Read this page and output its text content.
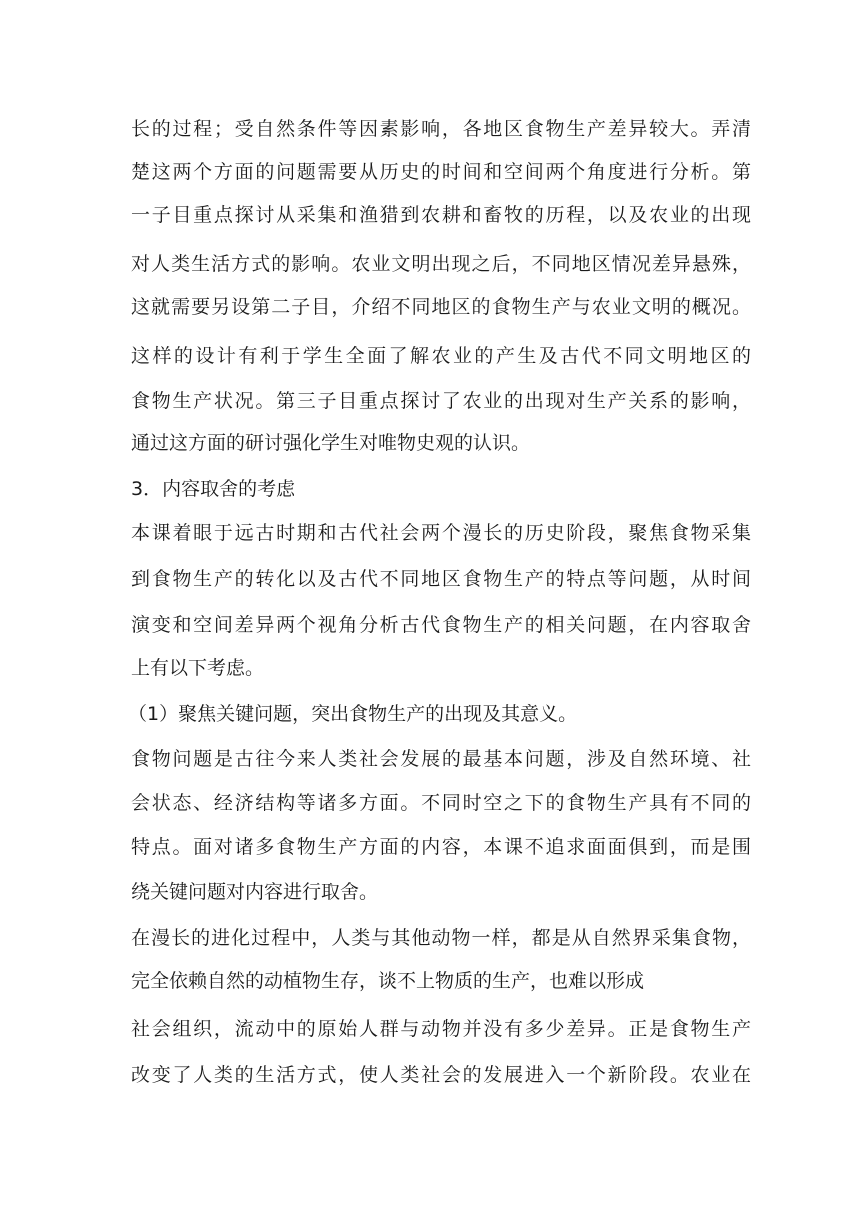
长的过程；受自然条件等因素影响，各地区食物生产差异较大。弄清
楚这两个方面的问题需要从历史的时间和空间两个角度进行分析。第
一子目重点探讨从采集和渔猎到农耕和畜牧的历程，以及农业的出现
对人类生活方式的影响。农业文明出现之后，不同地区情况差异悬殊，
这就需要另设第二子目，介绍不同地区的食物生产与农业文明的概况。
这样的设计有利于学生全面了解农业的产生及古代不同文明地区的
食物生产状况。第三子目重点探讨了农业的出现对生产关系的影响，
通过这方面的研讨强化学生对唯物史观的认识。
3．内容取舍的考虑
本课着眼于远古时期和古代社会两个漫长的历史阶段，聚焦食物采集
到食物生产的转化以及古代不同地区食物生产的特点等问题，从时间
演变和空间差异两个视角分析古代食物生产的相关问题，在内容取舍
上有以下考虑。
（1）聚焦关键问题，突出食物生产的出现及其意义。
食物问题是古往今来人类社会发展的最基本问题，涉及自然环境、社
会状态、经济结构等诸多方面。不同时空之下的食物生产具有不同的
特点。面对诸多食物生产方面的内容，本课不追求面面俱到，而是围
绕关键问题对内容进行取舍。
在漫长的进化过程中，人类与其他动物一样，都是从自然界采集食物，
完全依赖自然的动植物生存，谈不上物质的生产，也难以形成
社会组织，流动中的原始人群与动物并没有多少差异。正是食物生产
改变了人类的生活方式，使人类社会的发展进入一个新阶段。农业在
